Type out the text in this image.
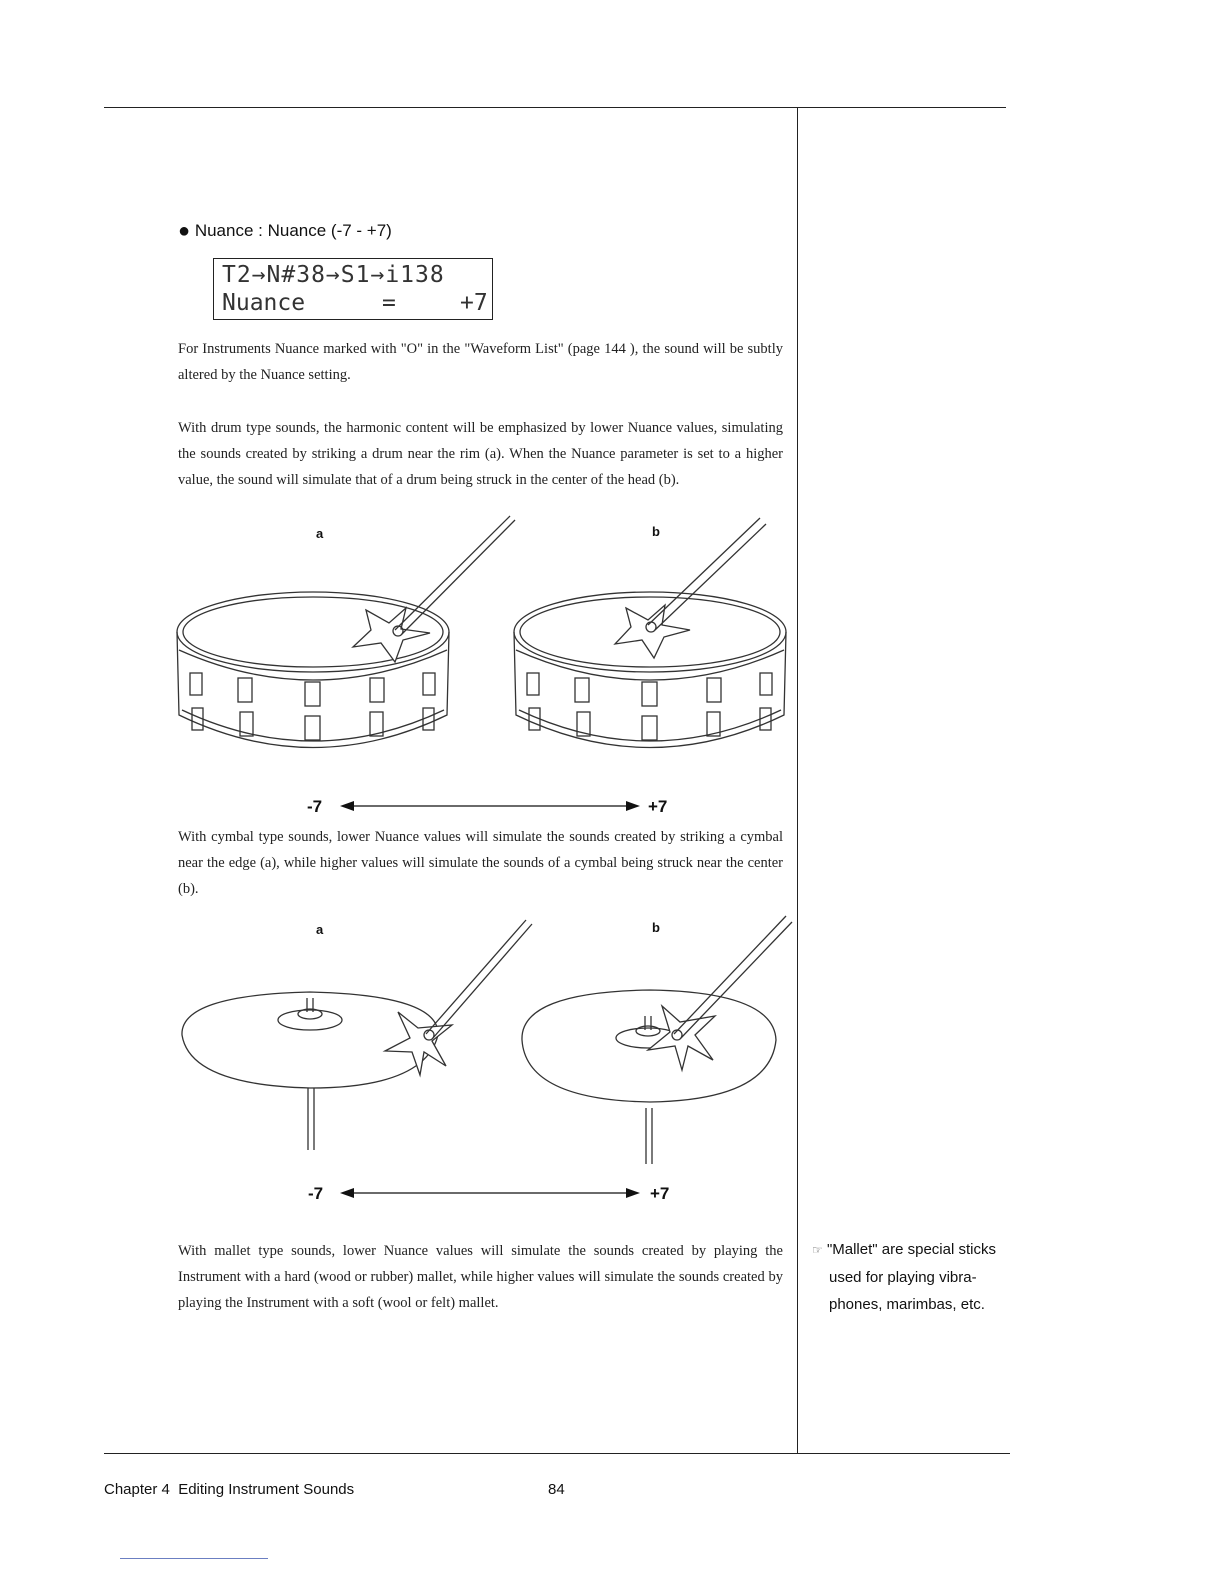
● Nuance : Nuance (-7 - +7)
T2→N#38→S1→i138
Nuance	=	+7
For Instruments Nuance marked with "O" in the "Waveform List" (page 144 ), the sound will be subtly altered by the Nuance setting.
With drum type sounds, the harmonic content will be emphasized by lower Nuance values, simulating the sounds created by striking a drum near the rim (a). When the Nuance parameter is set to a higher value, the sound will simulate that of a drum being struck in the center of the head (b).
a	b
-7	+7
With cymbal type sounds, lower Nuance values will simulate the sounds created by striking a cymbal near the edge (a), while higher values will simulate the sounds of a cymbal being struck near the center (b).
a	b
-7	+7
With mallet type sounds, lower Nuance values will simulate the sounds created by playing the Instrument with a hard (wood or rubber) mallet, while higher values will simulate the sounds created by playing the Instrument with a soft (wool or felt) mallet.
☞ "Mallet" are special sticks
used for playing vibra-
phones, marimbas, etc.
Chapter 4  Editing Instrument Sounds	84
